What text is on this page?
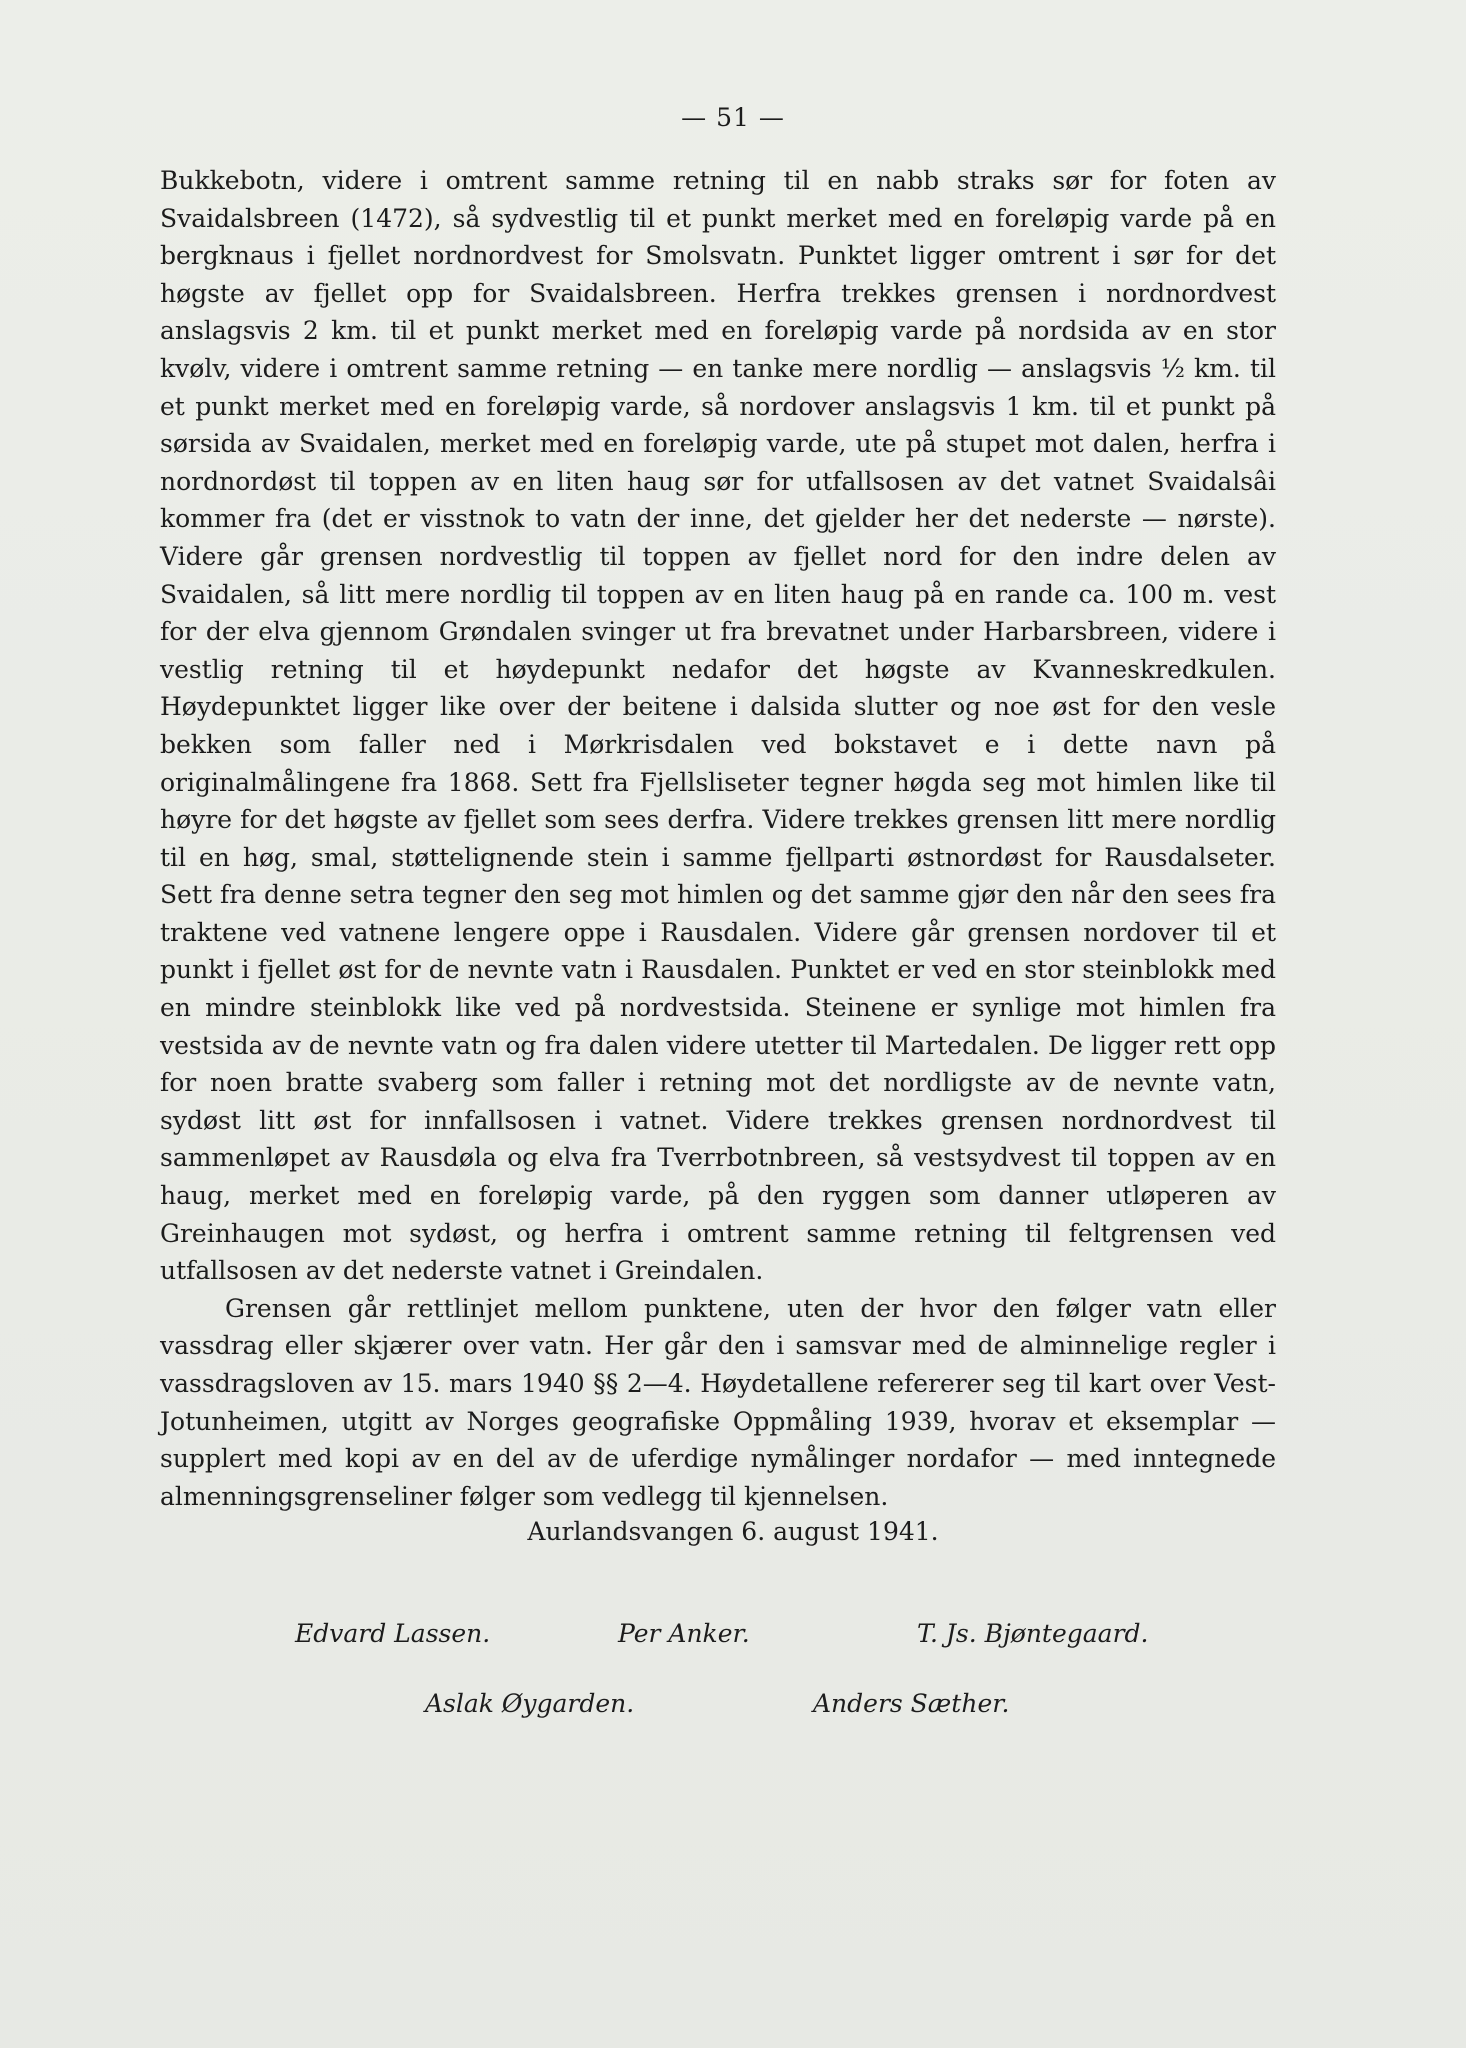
— 51 —

Bukkebotn, videre i omtrent samme retning til en nabb straks sør for foten av Svaidalsbreen (1472), så sydvestlig til et punkt merket med en foreløpig varde på en bergknaus i fjellet nordnordvest for Smolsvatn. Punktet ligger omtrent i sør for det høgste av fjellet opp for Svaidalsbreen. Herfra trekkes grensen i nordnordvest anslagsvis 2 km. til et punkt merket med en foreløpig varde på nordsida av en stor kvølv, videre i omtrent samme retning — en tanke mere nordlig — anslagsvis ½ km. til et punkt merket med en foreløpig varde, så nordover anslagsvis 1 km. til et punkt på sørsida av Svaidalen, merket med en foreløpig varde, ute på stupet mot dalen, herfra i nordnordøst til toppen av en liten haug sør for utfallsosen av det vatnet Svaidalsâi kommer fra (det er visstnok to vatn der inne, det gjelder her det nederste — nørste). Videre går grensen nordvestlig til toppen av fjellet nord for den indre delen av Svaidalen, så litt mere nordlig til toppen av en liten haug på en rande ca. 100 m. vest for der elva gjennom Grøndalen svinger ut fra brevatnet under Harbarsbreen, videre i vestlig retning til et høydepunkt nedafor det høgste av Kvanneskredkulen. Høydepunktet ligger like over der beitene i dalsida slutter og noe øst for den vesle bekken som faller ned i Mørkrisdalen ved bokstavet e i dette navn på originalmålingene fra 1868. Sett fra Fjellsliseter tegner høgda seg mot himlen like til høyre for det høgste av fjellet som sees derfra. Videre trekkes grensen litt mere nordlig til en høg, smal, støttelignende stein i samme fjellparti østnordøst for Rausdalseter. Sett fra denne setra tegner den seg mot himlen og det samme gjør den når den sees fra traktene ved vatnene lengere oppe i Rausdalen. Videre går grensen nordover til et punkt i fjellet øst for de nevnte vatn i Rausdalen. Punktet er ved en stor steinblokk med en mindre steinblokk like ved på nordvestsida. Steinene er synlige mot himlen fra vestsida av de nevnte vatn og fra dalen videre utetter til Martedalen. De ligger rett opp for noen bratte svaberg som faller i retning mot det nordligste av de nevnte vatn, sydøst litt øst for innfallsosen i vatnet. Videre trekkes grensen nordnordvest til sammenløpet av Rausdøla og elva fra Tverrbotnbreen, så vestsydvest til toppen av en haug, merket med en foreløpig varde, på den ryggen som danner utløperen av Greinhaugen mot sydøst, og herfra i omtrent samme retning til feltgrensen ved utfallsosen av det nederste vatnet i Greindalen.

Grensen går rettlinjet mellom punktene, uten der hvor den følger vatn eller vassdrag eller skjærer over vatn. Her går den i samsvar med de alminnelige regler i vassdragsloven av 15. mars 1940 §§ 2—4. Høydetallene refererer seg til kart over Vest-Jotunheimen, utgitt av Norges geografiske Oppmåling 1939, hvorav et eksemplar — supplert med kopi av en del av de uferdige nymålinger nordafor — med inntegnede almenningsgrenseliner følger som vedlegg til kjennelsen.

Aurlandsvangen 6. august 1941.
Edvard Lassen.	Per Anker.	T. Js. Bjøntegaard.
Aslak Øygarden.	Anders Sæther.
